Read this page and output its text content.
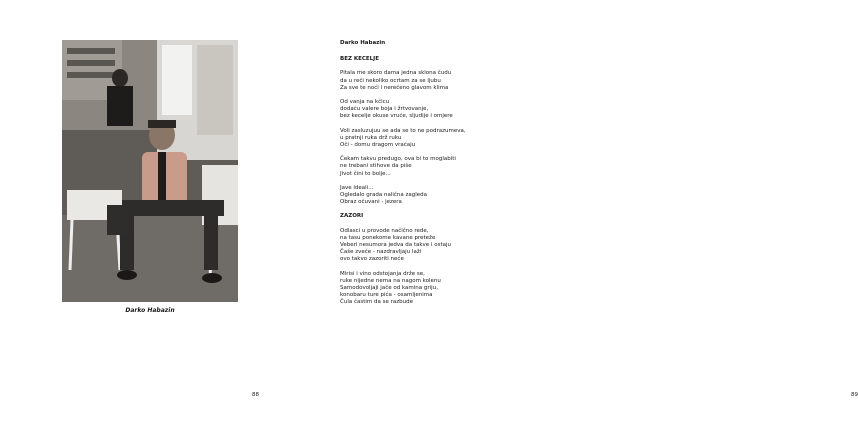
Darko Habazin
88
Darko Habazin
BEZ KECELJE
Pitala me skoro dama jedna sklona čudu
da u reči nekoliko ocrtam za se ljubu
Za sve te noći i nerečeno glavom klima
Od vanja na kčicu
dodaću valere boja i žrtvovanje,
bez kecelje okuse vruće, sljudije i omjere
Voli zasluzujuu se ada se to ne podrazumeva,
u pratnji ruka drž ruku
Oči - domu dragom vraćaju
Čekam takvu predugo, ova bi to moglabiti
ne trebani stihove da piše
Jivot čini to bolje...
Jave ideali...
Ogledalo grada nalična zagleda
Obraz očuvani - jezera
ZAZORI
Odlasci u provode načično rede,
na tasu ponekome kavane preteže
Veberi nesumora jedva da takve i ostaju
Čaše zveče - nazdravljaju laži
ovo takvo zazoriti neće
Mirisi i vino odstojanja drže se,
ruke nijedne nema na nagom kolenu
Samodovoljaji jače od kamina griju,
konobaru ture pića - osamljenima
Čula častim da se razbude
89
